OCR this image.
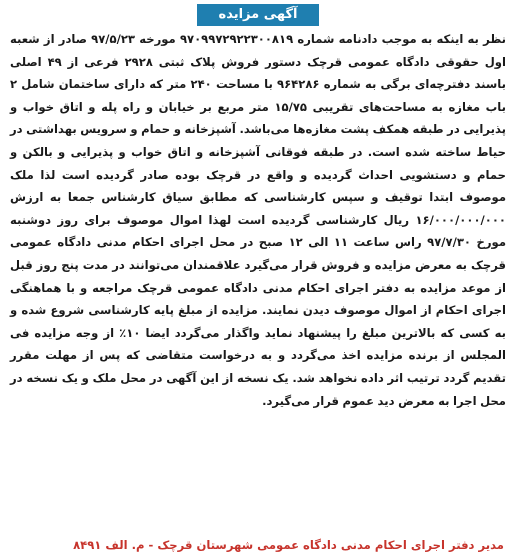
آگهی مزایده

نظر به اینکه به موجب دادنامه شماره ۹۷۰۹۹۷۲۹۲۲۳۰۰۸۱۹ مورخه ۹۷/۵/۲۳ صادر از شعبه اول حقوقی دادگاه عمومی قرچک دستور فروش پلاک ثبتی ۲۹۲۸ فرعی از ۴۹ اصلی باسند دفترچه‌ای برگی به شماره ۹۶۴۲۸۶ با مساحت ۲۴۰ متر که دارای ساختمان شامل ۲ باب مغازه به مساحت‌های تقریبی ۱۵/۷۵ متر مربع بر خیابان و راه پله و اتاق خواب و پذیرایی در طبقه همکف پشت مغازه‌ها می‌باشد. آشپزخانه و حمام و سرویس بهداشتی در حیاط ساخته شده است. در طبقه فوقانی آشپزخانه و اتاق خواب و پذیرایی و بالکن و حمام و دستشویی احداث گردیده و واقع در قرچک بوده صادر گردیده است لذا ملک موصوف ابتدا توقیف و سپس کارشناسی که مطابق سیاق کارشناس جمعا به ارزش ۱۶/۰۰۰/۰۰۰/۰۰۰ ریال کارشناسی گردیده است لهذا اموال موصوف برای روز دوشنبه مورخ ۹۷/۷/۳۰ راس ساعت ۱۱ الی ۱۲ صبح در محل اجرای احکام مدنی دادگاه عمومی قرچک به معرض مزایده و فروش قرار می‌گیرد علاقمندان می‌توانند در مدت پنج روز قبل از موعد مزایده به دفتر اجرای احکام مدنی دادگاه عمومی قرچک مراجعه و با هماهنگی اجرای احکام از اموال موصوف دیدن نمایند. مزایده از مبلغ پایه کارشناسی شروع شده و به کسی که بالاترین مبلغ را پیشنهاد نماید واگذار می‌گردد ایضا ۱۰٪ از وجه مزایده فی المجلس از برنده مزایده اخذ می‌گردد و به درخواست متقاضی که پس از مهلت مقرر تقدیم گردد ترتیب اثر داده نخواهد شد. یک نسخه از این آگهی در محل ملک و یک نسخه در محل اجرا به معرض دید عموم قرار می‌گیرد.

مدیر دفتر اجرای احکام مدنی دادگاه عمومی شهرستان قرچک - م. الف ۸۴۹۱
